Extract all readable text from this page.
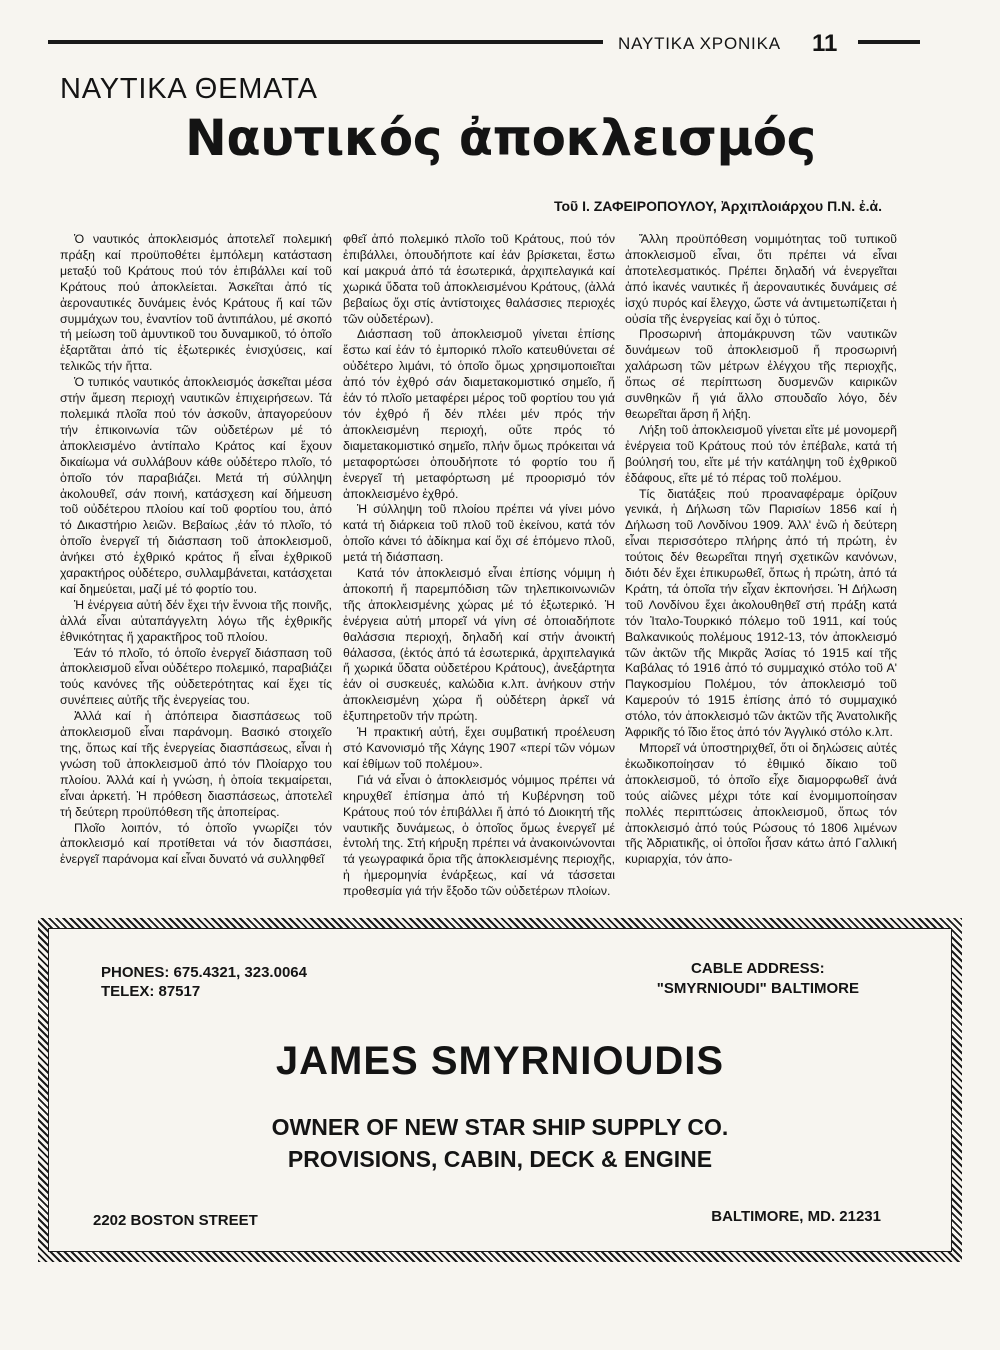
ΝΑΥΤΙΚΑ ΧΡΟΝΙΚΑ 11
ΝΑΥΤΙΚΑ ΘΕΜΑΤΑ
Ναυτικός ἀποκλεισμός
Τοῦ Ι. ΖΑΦΕΙΡΟΠΟΥΛΟΥ, Ἀρχιπλοιάρχου Π.Ν. ἐ.ἀ.

Ὁ ναυτικός ἀποκλεισμός ἀποτελεῖ πολεμική πράξη καί προϋποθέτει ἐμπόλεμη κατάσταση μεταξύ τοῦ Κράτους πού τόν ἐπιβάλλει καί τοῦ Κράτους πού ἀποκλείεται. Ἀσκεῖται ἀπό τίς ἀεροναυτικές δυνάμεις ἑνός Κράτους ἤ καί τῶν συμμάχων του, ἐναντίον τοῦ ἀντιπάλου, μέ σκοπό τή μείωση τοῦ ἀμυντικοῦ του δυναμικοῦ, τό ὁποῖο ἐξαρτᾶται ἀπό τίς ἐξωτερικές ἐνισχύσεις, καί τελικῶς τήν ἥττα.

Ὁ τυπικός ναυτικός ἀποκλεισμός ἀσκεῖται μέσα στήν ἄμεση περιοχή ναυτικῶν ἐπιχειρήσεων. Τά πολεμικά πλοῖα πού τόν ἀσκοῦν, ἀπαγορεύουν τήν ἐπικοινωνία τῶν οὐδετέρων μέ τό ἀποκλεισμένο ἀντίπαλο Κράτος καί ἔχουν δικαίωμα νά συλλάβουν κάθε οὐδέτερο πλοῖο, τό ὁποῖο τόν παραβιάζει. Μετά τή σύλληψη ἀκολουθεῖ, σάν ποινή, κατάσχεση καί δήμευση τοῦ οὐδέτερου πλοίου καί τοῦ φορτίου του, ἀπό τό Δικαστήριο λειῶν. Βεβαίως ,ἐάν τό πλοῖο, τό ὁποῖο ἐνεργεῖ τή διάσπαση τοῦ ἀποκλεισμοῦ, ἀνήκει στό ἐχθρικό κράτος ἤ εἶναι ἐχθρικοῦ χαρακτήρος οὐδέτερο, συλλαμβάνεται, κατάσχεται καί δημεύεται, μαζί μέ τό φορτίο του.

Ἡ ἐνέργεια αὐτή δέν ἔχει τήν ἔννοια τῆς ποινῆς, ἀλλά εἶναι αὐταπάγγελτη λόγω τῆς ἐχθρικῆς ἐθνικότητας ἤ χαρακτῆρος τοῦ πλοίου.

Ἐάν τό πλοῖο, τό ὁποῖο ἐνεργεῖ διάσπαση τοῦ ἀποκλεισμοῦ εἶναι οὐδέτερο πολεμικό, παραβιάζει τούς κανόνες τῆς οὐδετερότητας καί ἔχει τίς συνέπειες αὐτῆς τῆς ἐνεργείας του.

Ἀλλά καί ἡ ἀπόπειρα διασπάσεως τοῦ ἀποκλεισμοῦ εἶναι παράνομη. Βασικό στοιχεῖο της, ὅπως καί τῆς ἐνεργείας διασπάσεως, εἶναι ἡ γνώση τοῦ ἀποκλεισμοῦ ἀπό τόν Πλοίαρχο του πλοίου. Ἀλλά καί ἡ γνώση, ἡ ὁποία τεκμαίρεται, εἶναι ἀρκετή. Ἡ πρόθεση διασπάσεως, ἀποτελεῖ τή δεύτερη προϋπόθεση τῆς ἀποπείρας.

Πλοῖο λοιπόν, τό ὁποῖο γνωρίζει τόν ἀποκλεισμό καί προτίθεται νά τόν διασπάσει, ἐνεργεῖ παράνομα καί εἶναι δυνατό νά συλληφθεῖ

φθεῖ ἀπό πολεμικό πλοῖο τοῦ Κράτους, πού τόν ἐπιβάλλει, ὁπουδήποτε καί ἐάν βρίσκεται, ἔστω καί μακρυά ἀπό τά ἐσωτερικά, ἀρχιπελαγικά καί χωρικά ὕδατα τοῦ ἀποκλεισμένου Κράτους, (ἀλλά βεβαίως ὄχι στίς ἀντίστοιχες θαλάσσιες περιοχές τῶν οὐδετέρων).

Διάσπαση τοῦ ἀποκλεισμοῦ γίνεται ἐπίσης ἔστω καί ἐάν τό ἐμπορικό πλοῖο κατευθύνεται σέ οὐδέτερο λιμάνι, τό ὁποῖο ὅμως χρησιμοποιεῖται ἀπό τόν ἐχθρό σάν διαμετακομιστικό σημεῖο, ἤ ἐάν τό πλοῖο μεταφέρει μέρος τοῦ φορτίου του γιά τόν ἐχθρό ἤ δέν πλέει μέν πρός τήν ἀποκλεισμένη περιοχή, οὔτε πρός τό διαμετακομιστικό σημεῖο, πλήν ὅμως πρόκειται νά μεταφορτώσει ὁπουδήποτε τό φορτίο του ἤ ἐνεργεῖ τή μεταφόρτωση μέ προορισμό τόν ἀποκλεισμένο ἐχθρό.

Ἡ σύλληψη τοῦ πλοίου πρέπει νά γίνει μόνο κατά τή διάρκεια τοῦ πλοῦ τοῦ ἐκείνου, κατά τόν ὁποῖο κάνει τό ἀδίκημα καί ὄχι σέ ἑπόμενο πλοῦ, μετά τή διάσπαση.

Κατά τόν ἀποκλεισμό εἶναι ἐπίσης νόμιμη ἡ ἀποκοπή ἤ παρεμπόδιση τῶν τηλεπικοινωνιῶν τῆς ἀποκλεισμένης χώρας μέ τό ἐξωτερικό. Ἡ ἐνέργεια αὐτή μπορεῖ νά γίνη σέ ὁποιαδήποτε θαλάσσια περιοχή, δηλαδή καί στήν ἀνοικτή θάλασσα, (ἐκτός ἀπό τά ἐσωτερικά, ἀρχιπελαγικά ἤ χωρικά ὕδατα οὐδετέρου Κράτους), ἀνεξάρτητα ἐάν οἱ συσκευές, καλώδια κ.λπ. ἀνήκουν στήν ἀποκλεισμένη χώρα ἤ οὐδέτερη ἀρκεῖ νά ἐξυπηρετοῦν τήν πρώτη.

Ἡ πρακτική αὐτή, ἔχει συμβατική προέλευση στό Κανονισμό τῆς Χάγης 1907 «περί τῶν νόμων καί ἐθίμων τοῦ πολέμου».

Γιά νά εἶναι ὁ ἀποκλεισμός νόμιμος πρέπει νά κηρυχθεῖ ἐπίσημα ἀπό τή Κυβέρνηση τοῦ Κράτους πού τόν ἐπιβάλλει ἤ ἀπό τό Διοικητή τῆς ναυτικῆς δυνάμεως, ὁ ὁποῖος ὅμως ἐνεργεῖ μέ ἐντολή της. Στή κήρυξη πρέπει νά ἀνακοινώνονται τά γεωγραφικά ὅρια τῆς ἀποκλεισμένης περιοχῆς, ἡ ἡμερομηνία ἐνάρξεως, καί νά τάσσεται προθεσμία γιά τήν ἔξοδο τῶν οὐδετέρων πλοίων.

Ἄλλη προϋπόθεση νομιμότητας τοῦ τυπικοῦ ἀποκλεισμοῦ εἶναι, ὅτι πρέπει νά εἶναι ἀποτελεσματικός. Πρέπει δηλαδή νά ἐνεργεῖται ἀπό ἱκανές ναυτικές ἤ ἀεροναυτικές δυνάμεις σέ ἰσχύ πυρός καί ἔλεγχο, ὥστε νά ἀντιμετωπίζεται ἡ οὐσία τῆς ἐνεργείας καί ὄχι ὁ τύπος.

Προσωρινή ἀπομάκρυνση τῶν ναυτικῶν δυνάμεων τοῦ ἀποκλεισμοῦ ἤ προσωρινή χαλάρωση τῶν μέτρων ἐλέγχου τῆς περιοχῆς, ὅπως σέ περίπτωση δυσμενῶν καιρικῶν συνθηκῶν ἤ γιά ἄλλο σπουδαῖο λόγο, δέν θεωρεῖται ἄρση ἤ λήξη.

Λήξη τοῦ ἀποκλεισμοῦ γίνεται εἴτε μέ μονομερῆ ἐνέργεια τοῦ Κράτους πού τόν ἐπέβαλε, κατά τή βούλησή του, εἴτε μέ τήν κατάληψη τοῦ ἐχθρικοῦ ἐδάφους, εἴτε μέ τό πέρας τοῦ πολέμου.

Τίς διατάξεις πού προαναφέραμε ὁρίζουν γενικά, ἡ Δήλωση τῶν Παρισίων 1856 καί ἡ Δήλωση τοῦ Λονδίνου 1909. Ἀλλ' ἐνῶ ἡ δεύτερη εἶναι περισσότερο πλήρης ἀπό τή πρώτη, ἐν τούτοις δέν θεωρεῖται πηγή σχετικῶν κανόνων, διότι δέν ἔχει ἐπικυρωθεῖ, ὅπως ἡ πρώτη, ἀπό τά Κράτη, τά ὁποῖα τήν εἶχαν ἐκπονήσει. Ἡ Δήλωση τοῦ Λονδίνου ἔχει ἀκολουθηθεῖ στή πράξη κατά τόν Ἰταλο-Τουρκικό πόλεμο τοῦ 1911, καί τούς Βαλκανικούς πολέμους 1912-13, τόν ἀποκλεισμό τῶν ἀκτῶν τῆς Μικρᾶς Ἀσίας τό 1915 καί τῆς Καβάλας τό 1916 ἀπό τό συμμαχικό στόλο τοῦ Α' Παγκοσμίου Πολέμου, τόν ἀποκλεισμό τοῦ Καμερούν τό 1915 ἐπίσης ἀπό τό συμμαχικό στόλο, τόν ἀποκλεισμό τῶν ἀκτῶν τῆς Ἀνατολικῆς Ἀφρικῆς τό ἴδιο ἔτος ἀπό τόν Ἀγγλικό στόλο κ.λπ.

Μπορεῖ νά ὑποστηριχθεῖ, ὅτι οἱ δηλώσεις αὐτές ἐκωδικοποίησαν τό ἐθιμικό δίκαιο τοῦ ἀποκλεισμοῦ, τό ὁποῖο εἶχε διαμορφωθεῖ ἀνά τούς αἰῶνες μέχρι τότε καί ἐνομιμοποίησαν πολλές περιπτώσεις ἀποκλεισμοῦ, ὅπως τόν ἀποκλεισμό ἀπό τούς Ρώσους τό 1806 λιμένων τῆς Ἀδριατικῆς, οἱ ὁποῖοι ἦσαν κάτω ἀπό Γαλλική κυριαρχία, τόν ἀπο-

PHONES: 675.4321, 323.0064
TELEX: 87517
CABLE ADDRESS:
"SMYRNIOUDI" BALTIMORE
JAMES SMYRNIOUDIS
OWNER OF NEW STAR SHIP SUPPLY CO.
PROVISIONS, CABIN, DECK & ENGINE
2202 BOSTON STREET	BALTIMORE, MD. 21231
